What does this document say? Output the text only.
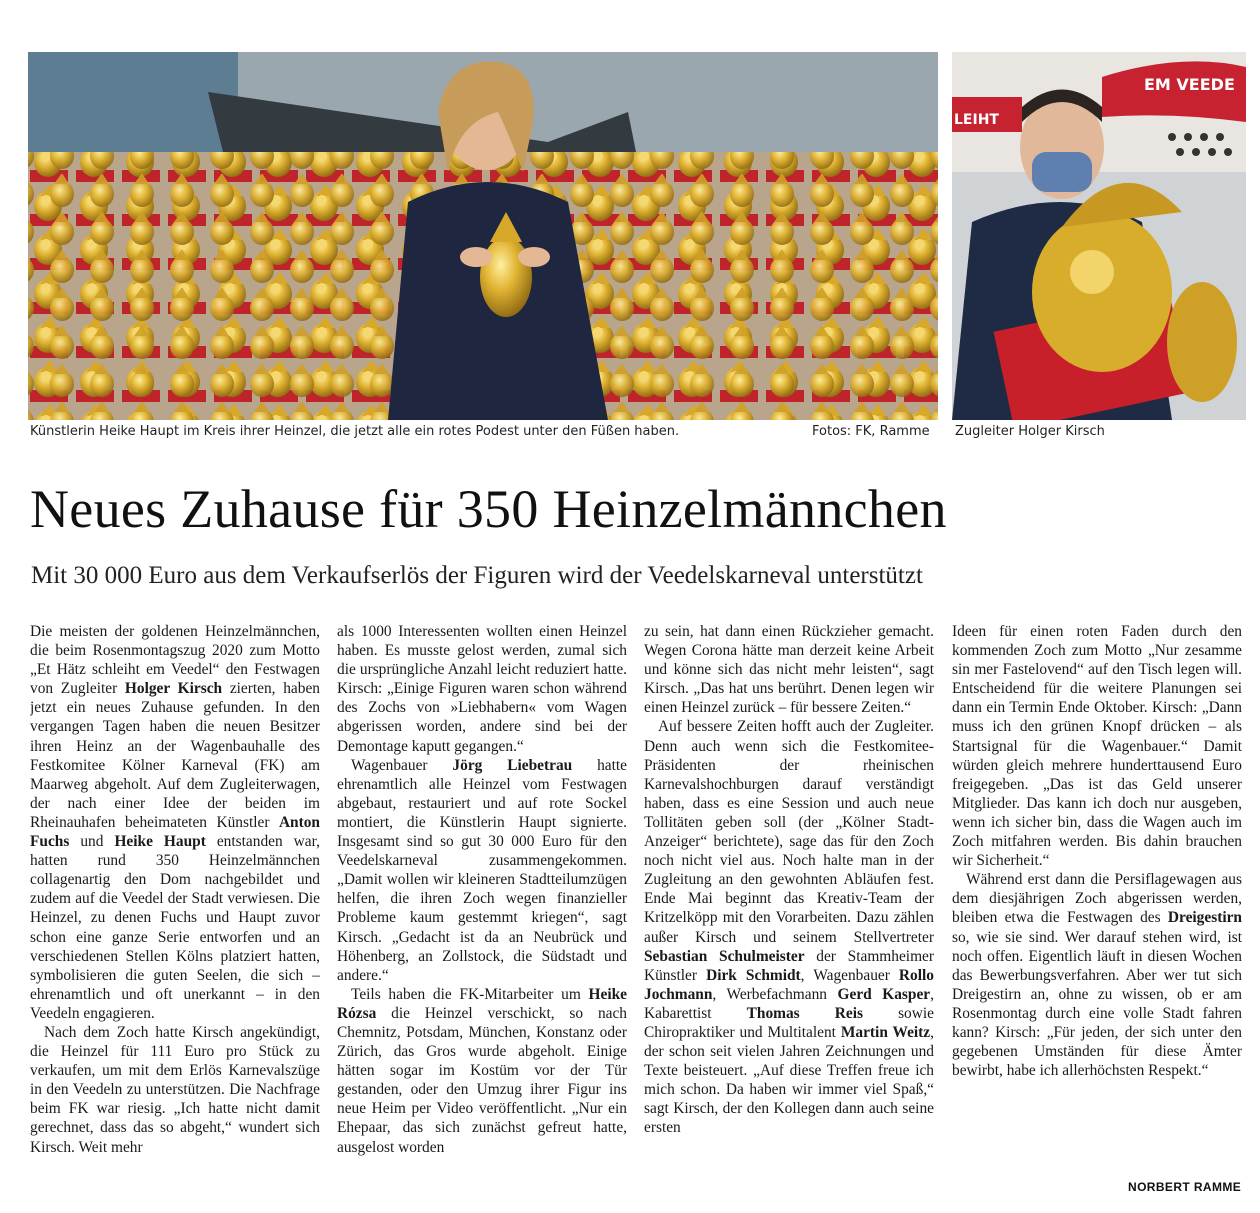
EM VEEDE
LEIHT
Künstlerin Heike Haupt im Kreis ihrer Heinzel, die jetzt alle ein rotes Podest unter den Füßen haben.	Fotos: FK, Ramme Zugleiter Holger Kirsch
Neues Zuhause für 350 Heinzelmännchen
Mit 30 000 Euro aus dem Verkaufserlös der Figuren wird der Veedelskarneval unterstützt

Die meisten der goldenen Heinzelmännchen, die beim Rosenmontagszug 2020 zum Motto „Et Hätz schleiht em Veedel“ den Festwagen von Zugleiter Holger Kirsch zierten, haben jetzt ein neues Zuhause gefunden. In den vergangen Tagen haben die neuen Besitzer ihren Heinz an der Wagenbauhalle des Festkomitee Kölner Karneval (FK) am Maarweg abgeholt. Auf dem Zugleiterwagen, der nach einer Idee der beiden im Rheinauhafen beheimateten Künstler Anton Fuchs und Heike Haupt entstanden war, hatten rund 350 Heinzelmännchen collagenartig den Dom nachgebildet und zudem auf die Veedel der Stadt verwiesen. Die Heinzel, zu denen Fuchs und Haupt zuvor schon eine ganze Serie entworfen und an verschiedenen Stellen Kölns platziert hatten, symbolisieren die guten Seelen, die sich – ehrenamtlich und oft unerkannt – in den Veedeln engagieren.

Nach dem Zoch hatte Kirsch angekündigt, die Heinzel für 111 Euro pro Stück zu verkaufen, um mit dem Erlös Karnevalszüge in den Veedeln zu unterstützen. Die Nachfrage beim FK war riesig. „Ich hatte nicht damit gerechnet, dass das so abgeht,“ wundert sich Kirsch. Weit mehr

als 1000 Interessenten wollten einen Heinzel haben. Es musste gelost werden, zumal sich die ursprüngliche Anzahl leicht reduziert hatte. Kirsch: „Einige Figuren waren schon während des Zochs von »Liebhabern« vom Wagen abgerissen worden, andere sind bei der Demontage kaputt gegangen.“

Wagenbauer Jörg Liebetrau hatte ehrenamtlich alle Heinzel vom Festwagen abgebaut, restauriert und auf rote Sockel montiert, die Künstlerin Haupt signierte. Insgesamt sind so gut 30 000 Euro für den Veedelskarneval zusammengekommen. „Damit wollen wir kleineren Stadtteilumzügen helfen, die ihren Zoch wegen finanzieller Probleme kaum gestemmt kriegen“, sagt Kirsch. „Gedacht ist da an Neubrück und Höhenberg, an Zollstock, die Südstadt und andere.“

Teils haben die FK-Mitarbeiter um Heike Rózsa die Heinzel verschickt, so nach Chemnitz, Potsdam, München, Konstanz oder Zürich, das Gros wurde abgeholt. Einige hätten sogar im Kostüm vor der Tür gestanden, oder den Umzug ihrer Figur ins neue Heim per Video veröffentlicht. „Nur ein Ehepaar, das sich zunächst gefreut hatte, ausgelost worden

zu sein, hat dann einen Rückzieher gemacht. Wegen Corona hätte man derzeit keine Arbeit und könne sich das nicht mehr leisten“, sagt Kirsch. „Das hat uns berührt. Denen legen wir einen Heinzel zurück – für bessere Zeiten.“

Auf bessere Zeiten hofft auch der Zugleiter. Denn auch wenn sich die Festkomitee-Präsidenten der rheinischen Karnevalshochburgen darauf verständigt haben, dass es eine Session und auch neue Tollitäten geben soll (der „Kölner Stadt-Anzeiger“ berichtete), sage das für den Zoch noch nicht viel aus. Noch halte man in der Zugleitung an den gewohnten Abläufen fest. Ende Mai beginnt das Kreativ-Team der Kritzelköpp mit den Vorarbeiten. Dazu zählen außer Kirsch und seinem Stellvertreter Sebastian Schulmeister der Stammheimer Künstler Dirk Schmidt, Wagenbauer Rollo Jochmann, Werbefachmann Gerd Kasper, Kabarettist Thomas Reis sowie Chiropraktiker und Multitalent Martin Weitz, der schon seit vielen Jahren Zeichnungen und Texte beisteuert. „Auf diese Treffen freue ich mich schon. Da haben wir immer viel Spaß,“ sagt Kirsch, der den Kollegen dann auch seine ersten

Ideen für einen roten Faden durch den kommenden Zoch zum Motto „Nur zesamme sin mer Fastelovend“ auf den Tisch legen will. Entscheidend für die weitere Planungen sei dann ein Termin Ende Oktober. Kirsch: „Dann muss ich den grünen Knopf drücken – als Startsignal für die Wagenbauer.“ Damit würden gleich mehrere hunderttausend Euro freigegeben. „Das ist das Geld unserer Mitglieder. Das kann ich doch nur ausgeben, wenn ich sicher bin, dass die Wagen auch im Zoch mitfahren werden. Bis dahin brauchen wir Sicherheit.“

Während erst dann die Persiflagewagen aus dem diesjährigen Zoch abgerissen werden, bleiben etwa die Festwagen des Dreigestirn so, wie sie sind. Wer darauf stehen wird, ist noch offen. Eigentlich läuft in diesen Wochen das Bewerbungsverfahren. Aber wer tut sich Dreigestirn an, ohne zu wissen, ob er am Rosenmontag durch eine volle Stadt fahren kann? Kirsch: „Für jeden, der sich unter den gegebenen Umständen für diese Ämter bewirbt, habe ich allerhöchsten Respekt.“

NORBERT RAMME
